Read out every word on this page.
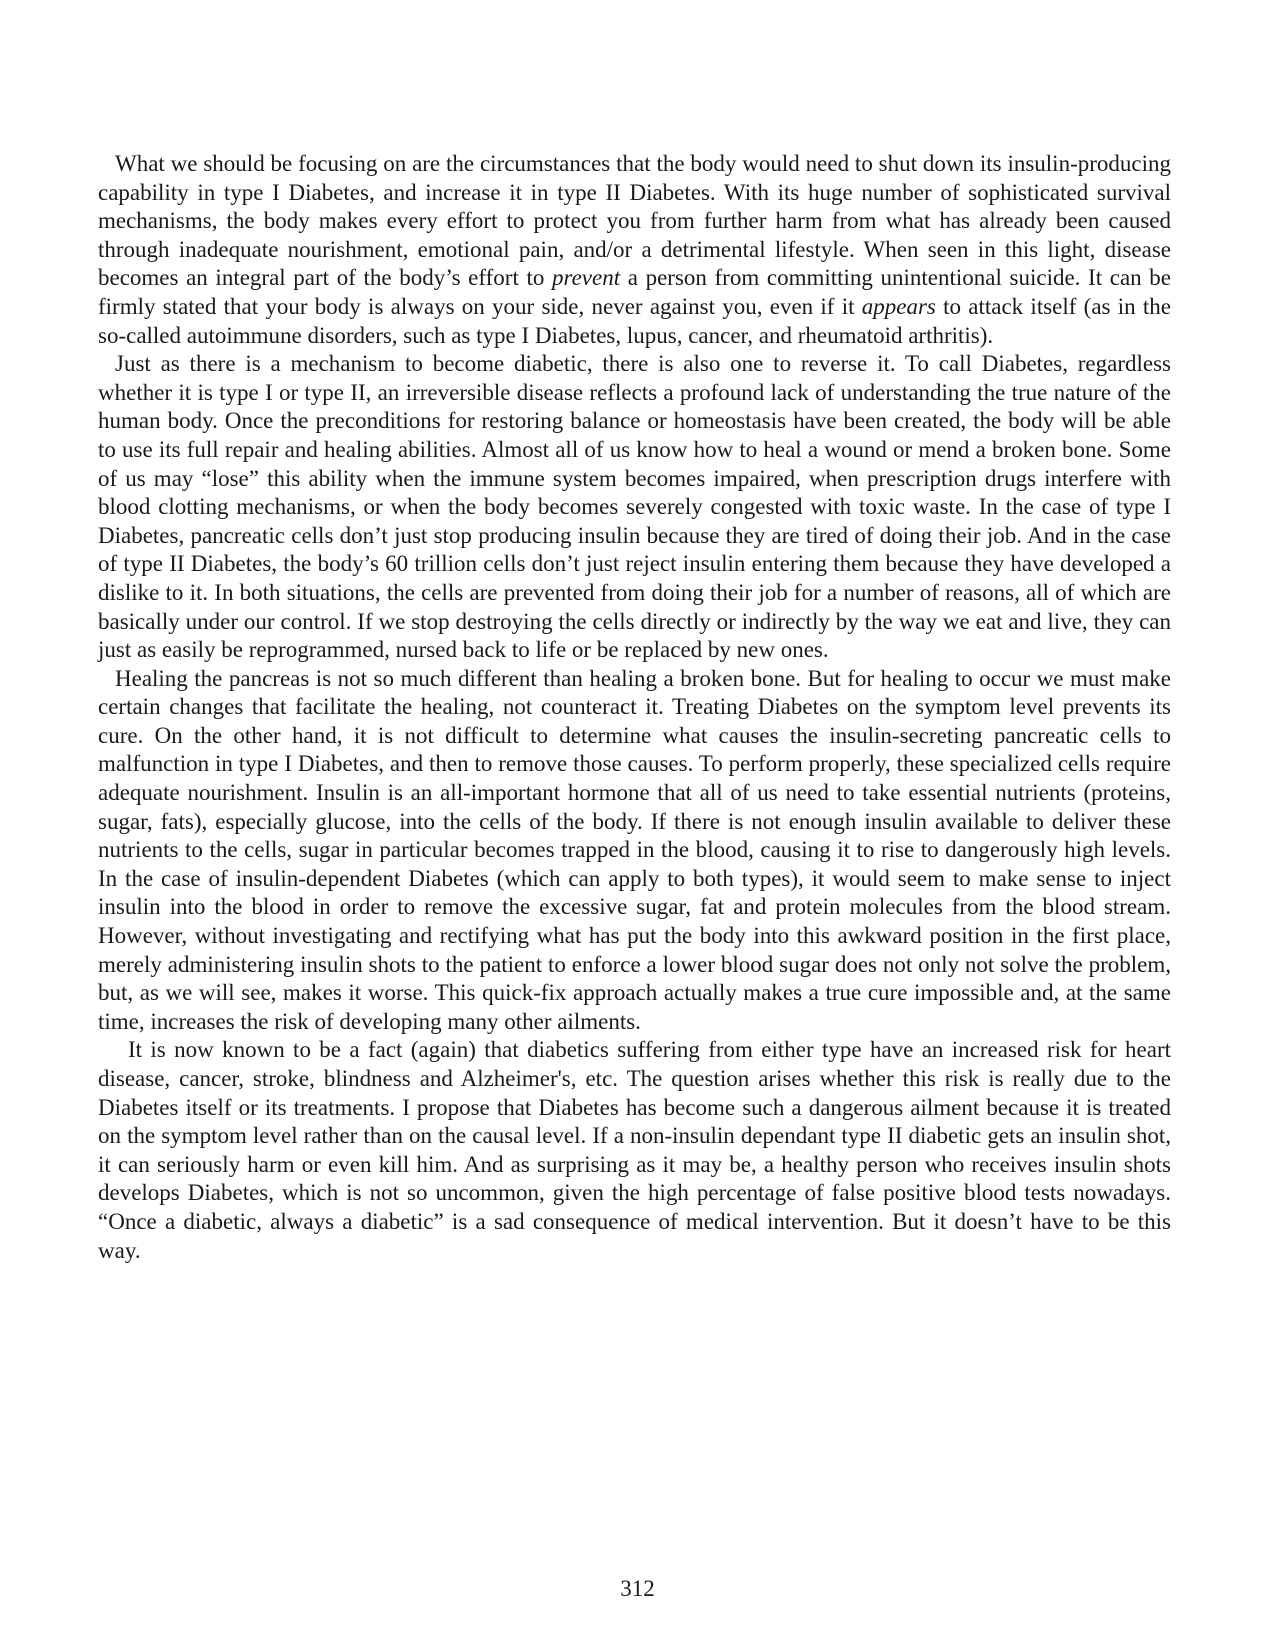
What we should be focusing on are the circumstances that the body would need to shut down its insulin-producing capability in type I Diabetes, and increase it in type II Diabetes. With its huge number of sophisticated survival mechanisms, the body makes every effort to protect you from further harm from what has already been caused through inadequate nourishment, emotional pain, and/or a detrimental lifestyle. When seen in this light, disease becomes an integral part of the body’s effort to prevent a person from committing unintentional suicide. It can be firmly stated that your body is always on your side, never against you, even if it appears to attack itself (as in the so-called autoimmune disorders, such as type I Diabetes, lupus, cancer, and rheumatoid arthritis).

Just as there is a mechanism to become diabetic, there is also one to reverse it. To call Diabetes, regardless whether it is type I or type II, an irreversible disease reflects a profound lack of understanding the true nature of the human body. Once the preconditions for restoring balance or homeostasis have been created, the body will be able to use its full repair and healing abilities. Almost all of us know how to heal a wound or mend a broken bone. Some of us may “lose” this ability when the immune system becomes impaired, when prescription drugs interfere with blood clotting mechanisms, or when the body becomes severely congested with toxic waste. In the case of type I Diabetes, pancreatic cells don’t just stop producing insulin because they are tired of doing their job. And in the case of type II Diabetes, the body’s 60 trillion cells don’t just reject insulin entering them because they have developed a dislike to it. In both situations, the cells are prevented from doing their job for a number of reasons, all of which are basically under our control. If we stop destroying the cells directly or indirectly by the way we eat and live, they can just as easily be reprogrammed, nursed back to life or be replaced by new ones.

Healing the pancreas is not so much different than healing a broken bone. But for healing to occur we must make certain changes that facilitate the healing, not counteract it. Treating Diabetes on the symptom level prevents its cure. On the other hand, it is not difficult to determine what causes the insulin-secreting pancreatic cells to malfunction in type I Diabetes, and then to remove those causes. To perform properly, these specialized cells require adequate nourishment. Insulin is an all-important hormone that all of us need to take essential nutrients (proteins, sugar, fats), especially glucose, into the cells of the body. If there is not enough insulin available to deliver these nutrients to the cells, sugar in particular becomes trapped in the blood, causing it to rise to dangerously high levels. In the case of insulin-dependent Diabetes (which can apply to both types), it would seem to make sense to inject insulin into the blood in order to remove the excessive sugar, fat and protein molecules from the blood stream. However, without investigating and rectifying what has put the body into this awkward position in the first place, merely administering insulin shots to the patient to enforce a lower blood sugar does not only not solve the problem, but, as we will see, makes it worse. This quick-fix approach actually makes a true cure impossible and, at the same time, increases the risk of developing many other ailments.

It is now known to be a fact (again) that diabetics suffering from either type have an increased risk for heart disease, cancer, stroke, blindness and Alzheimer's, etc. The question arises whether this risk is really due to the Diabetes itself or its treatments. I propose that Diabetes has become such a dangerous ailment because it is treated on the symptom level rather than on the causal level. If a non-insulin dependant type II diabetic gets an insulin shot, it can seriously harm or even kill him. And as surprising as it may be, a healthy person who receives insulin shots develops Diabetes, which is not so uncommon, given the high percentage of false positive blood tests nowadays. “Once a diabetic, always a diabetic” is a sad consequence of medical intervention. But it doesn’t have to be this way.

312
